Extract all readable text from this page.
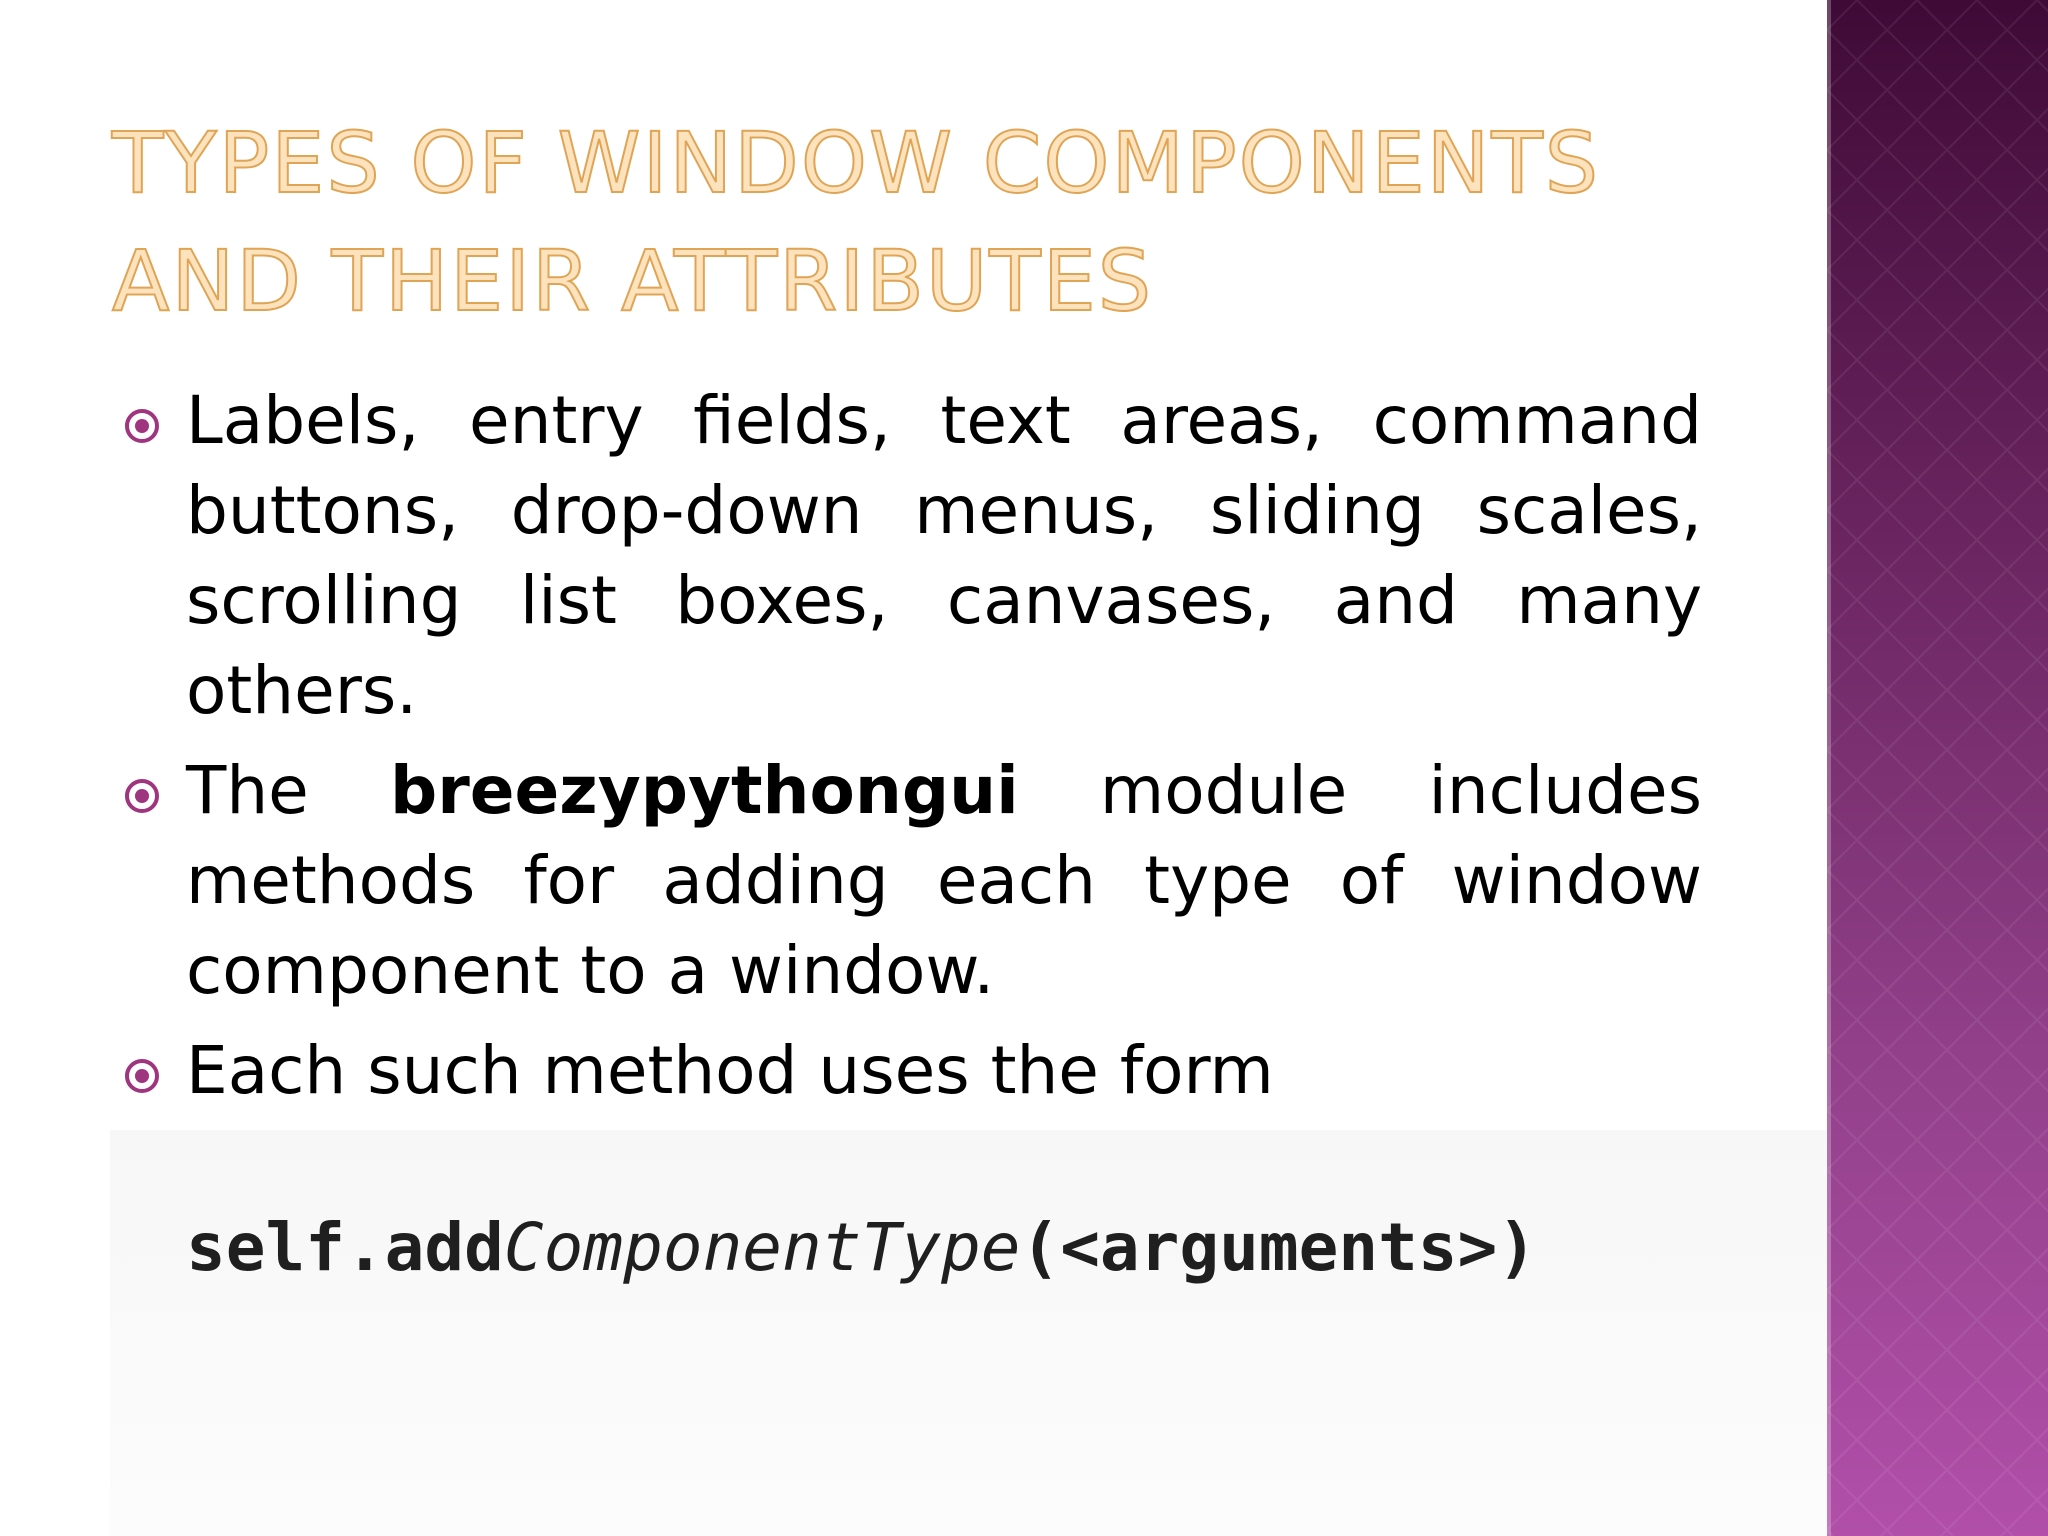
TYPES OF WINDOW COMPONENTS
AND THEIR ATTRIBUTES
Labels, entry fields, text areas, command buttons, drop-down menus, sliding scales, scrolling list boxes, canvases, and many others.
The breezypythongui module includes methods for adding each type of window component to a window.
Each such method uses the form
self.addComponentType(<arguments>)
